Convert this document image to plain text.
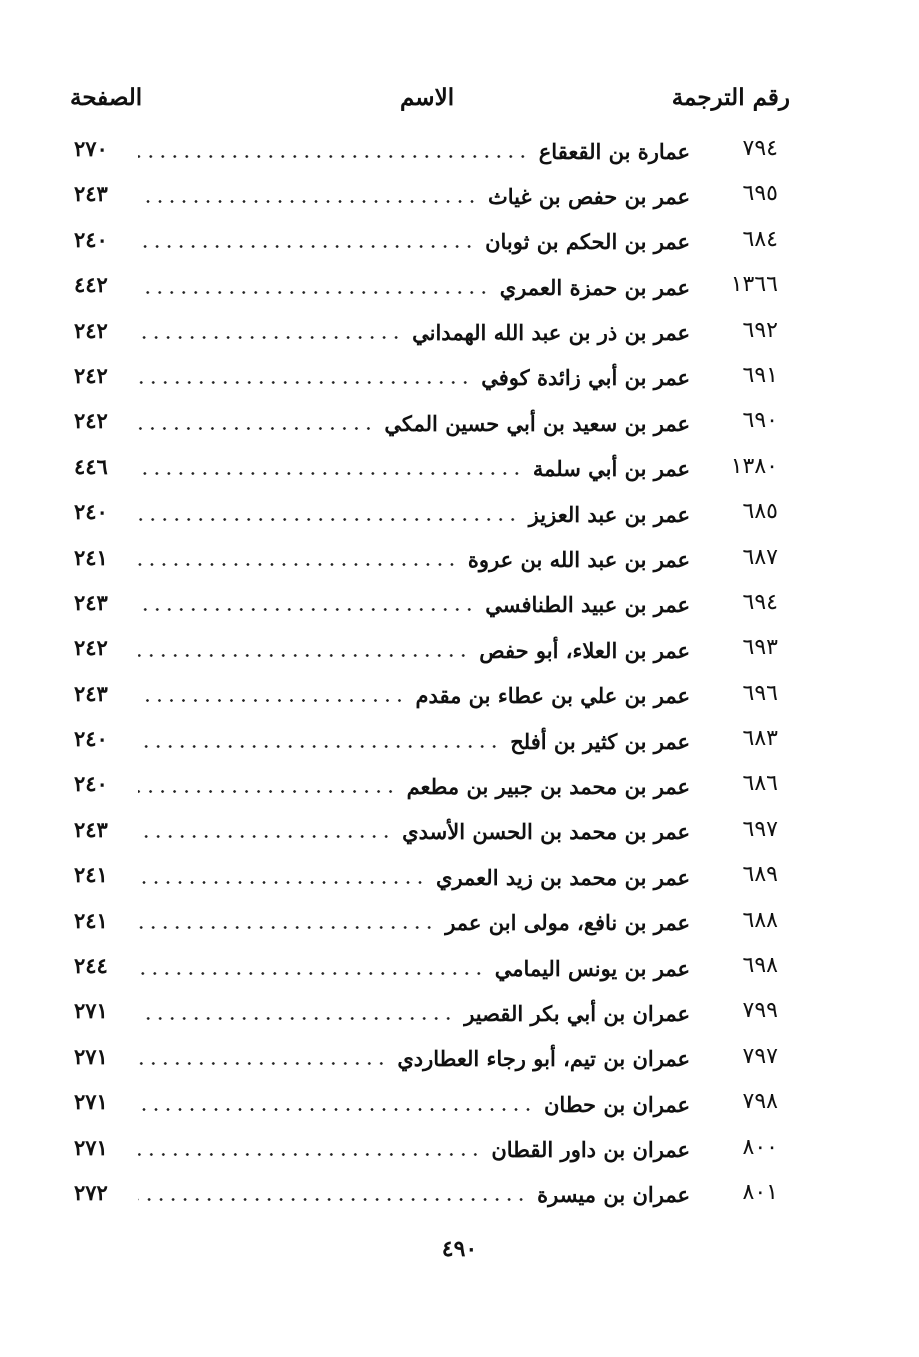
رقم الترجمة
الاسم
الصفحة
٧٩٤
عمارة بن القعقاع
٢٧٠
٦٩٥
عمر بن حفص بن غياث
٢٤٣
٦٨٤
عمر بن الحكم بن ثوبان
٢٤٠
١٣٦٦
عمر بن حمزة العمري
٤٤٢
٦٩٢
عمر بن ذر بن عبد الله الهمداني
٢٤٢
٦٩١
عمر بن أبي زائدة كوفي
٢٤٢
٦٩٠
عمر بن سعيد بن أبي حسين المكي
٢٤٢
١٣٨٠
عمر بن أبي سلمة
٤٤٦
٦٨٥
عمر بن عبد العزيز
٢٤٠
٦٨٧
عمر بن عبد الله بن عروة
٢٤١
٦٩٤
عمر بن عبيد الطنافسي
٢٤٣
٦٩٣
عمر بن العلاء، أبو حفص
٢٤٢
٦٩٦
عمر بن علي بن عطاء بن مقدم
٢٤٣
٦٨٣
عمر بن كثير بن أفلح
٢٤٠
٦٨٦
عمر بن محمد بن جبير بن مطعم
٢٤٠
٦٩٧
عمر بن محمد بن الحسن الأسدي
٢٤٣
٦٨٩
عمر بن محمد بن زيد العمري
٢٤١
٦٨٨
عمر بن نافع، مولى ابن عمر
٢٤١
٦٩٨
عمر بن يونس اليمامي
٢٤٤
٧٩٩
عمران بن أبي بكر القصير
٢٧١
٧٩٧
عمران بن تيم، أبو رجاء العطاردي
٢٧١
٧٩٨
عمران بن حطان
٢٧١
٨٠٠
عمران بن داور القطان
٢٧١
٨٠١
عمران بن ميسرة
٢٧٢
٤٩٠
